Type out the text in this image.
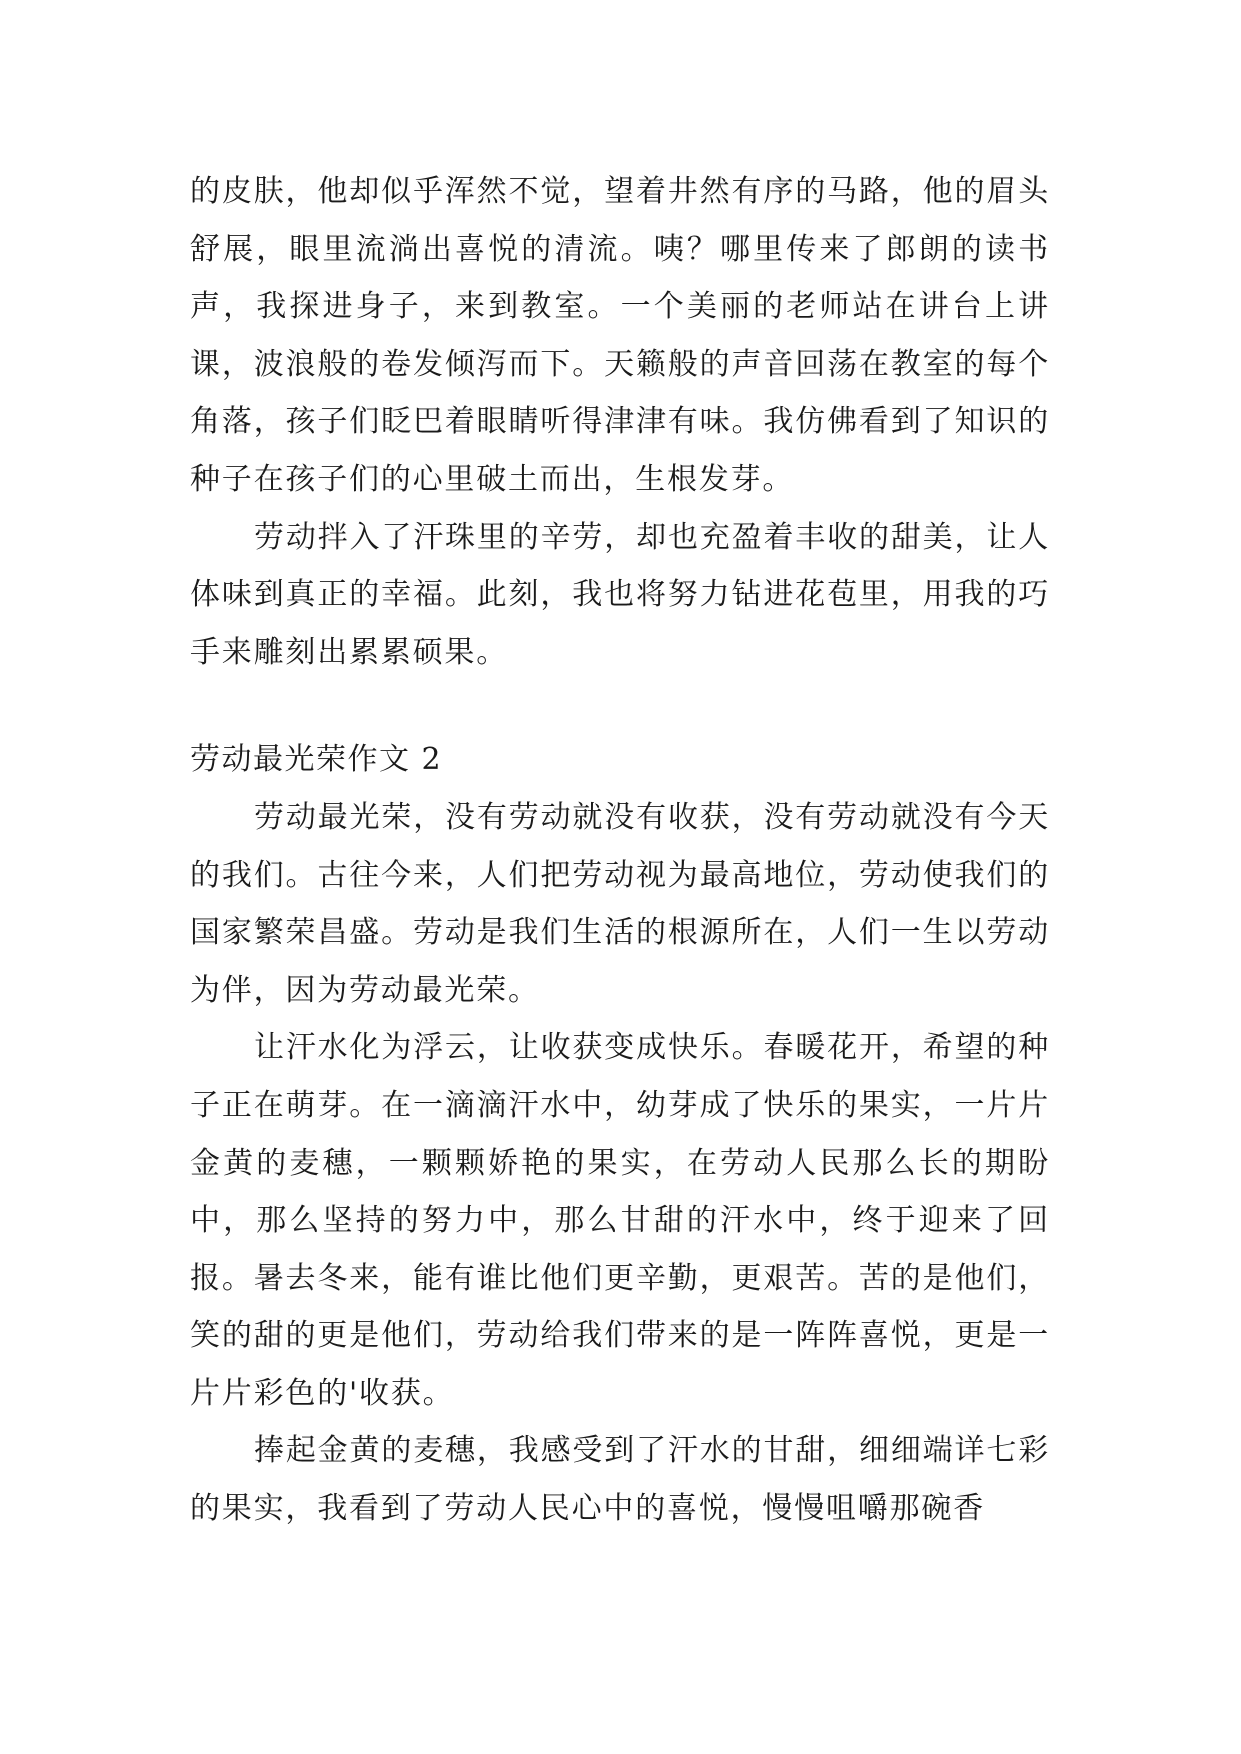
的皮肤，他却似乎浑然不觉，望着井然有序的马路，他的眉头舒展，眼里流淌出喜悦的清流。咦？哪里传来了郎朗的读书声，我探进身子，来到教室。一个美丽的老师站在讲台上讲课，波浪般的卷发倾泻而下。天籁般的声音回荡在教室的每个角落，孩子们眨巴着眼睛听得津津有味。我仿佛看到了知识的种子在孩子们的心里破土而出，生根发芽。

劳动拌入了汗珠里的辛劳，却也充盈着丰收的甜美，让人体味到真正的幸福。此刻，我也将努力钻进花苞里，用我的巧手来雕刻出累累硕果。

劳动最光荣作文 2

劳动最光荣，没有劳动就没有收获，没有劳动就没有今天的我们。古往今来，人们把劳动视为最高地位，劳动使我们的国家繁荣昌盛。劳动是我们生活的根源所在，人们一生以劳动为伴，因为劳动最光荣。

让汗水化为浮云，让收获变成快乐。春暖花开，希望的种子正在萌芽。在一滴滴汗水中，幼芽成了快乐的果实，一片片金黄的麦穗，一颗颗娇艳的果实，在劳动人民那么长的期盼中，那么坚持的努力中，那么甘甜的汗水中，终于迎来了回报。暑去冬来，能有谁比他们更辛勤，更艰苦。苦的是他们，笑的甜的更是他们，劳动给我们带来的是一阵阵喜悦，更是一片片彩色的'收获。

捧起金黄的麦穗，我感受到了汗水的甘甜，细细端详七彩的果实，我看到了劳动人民心中的喜悦，慢慢咀嚼那碗香
